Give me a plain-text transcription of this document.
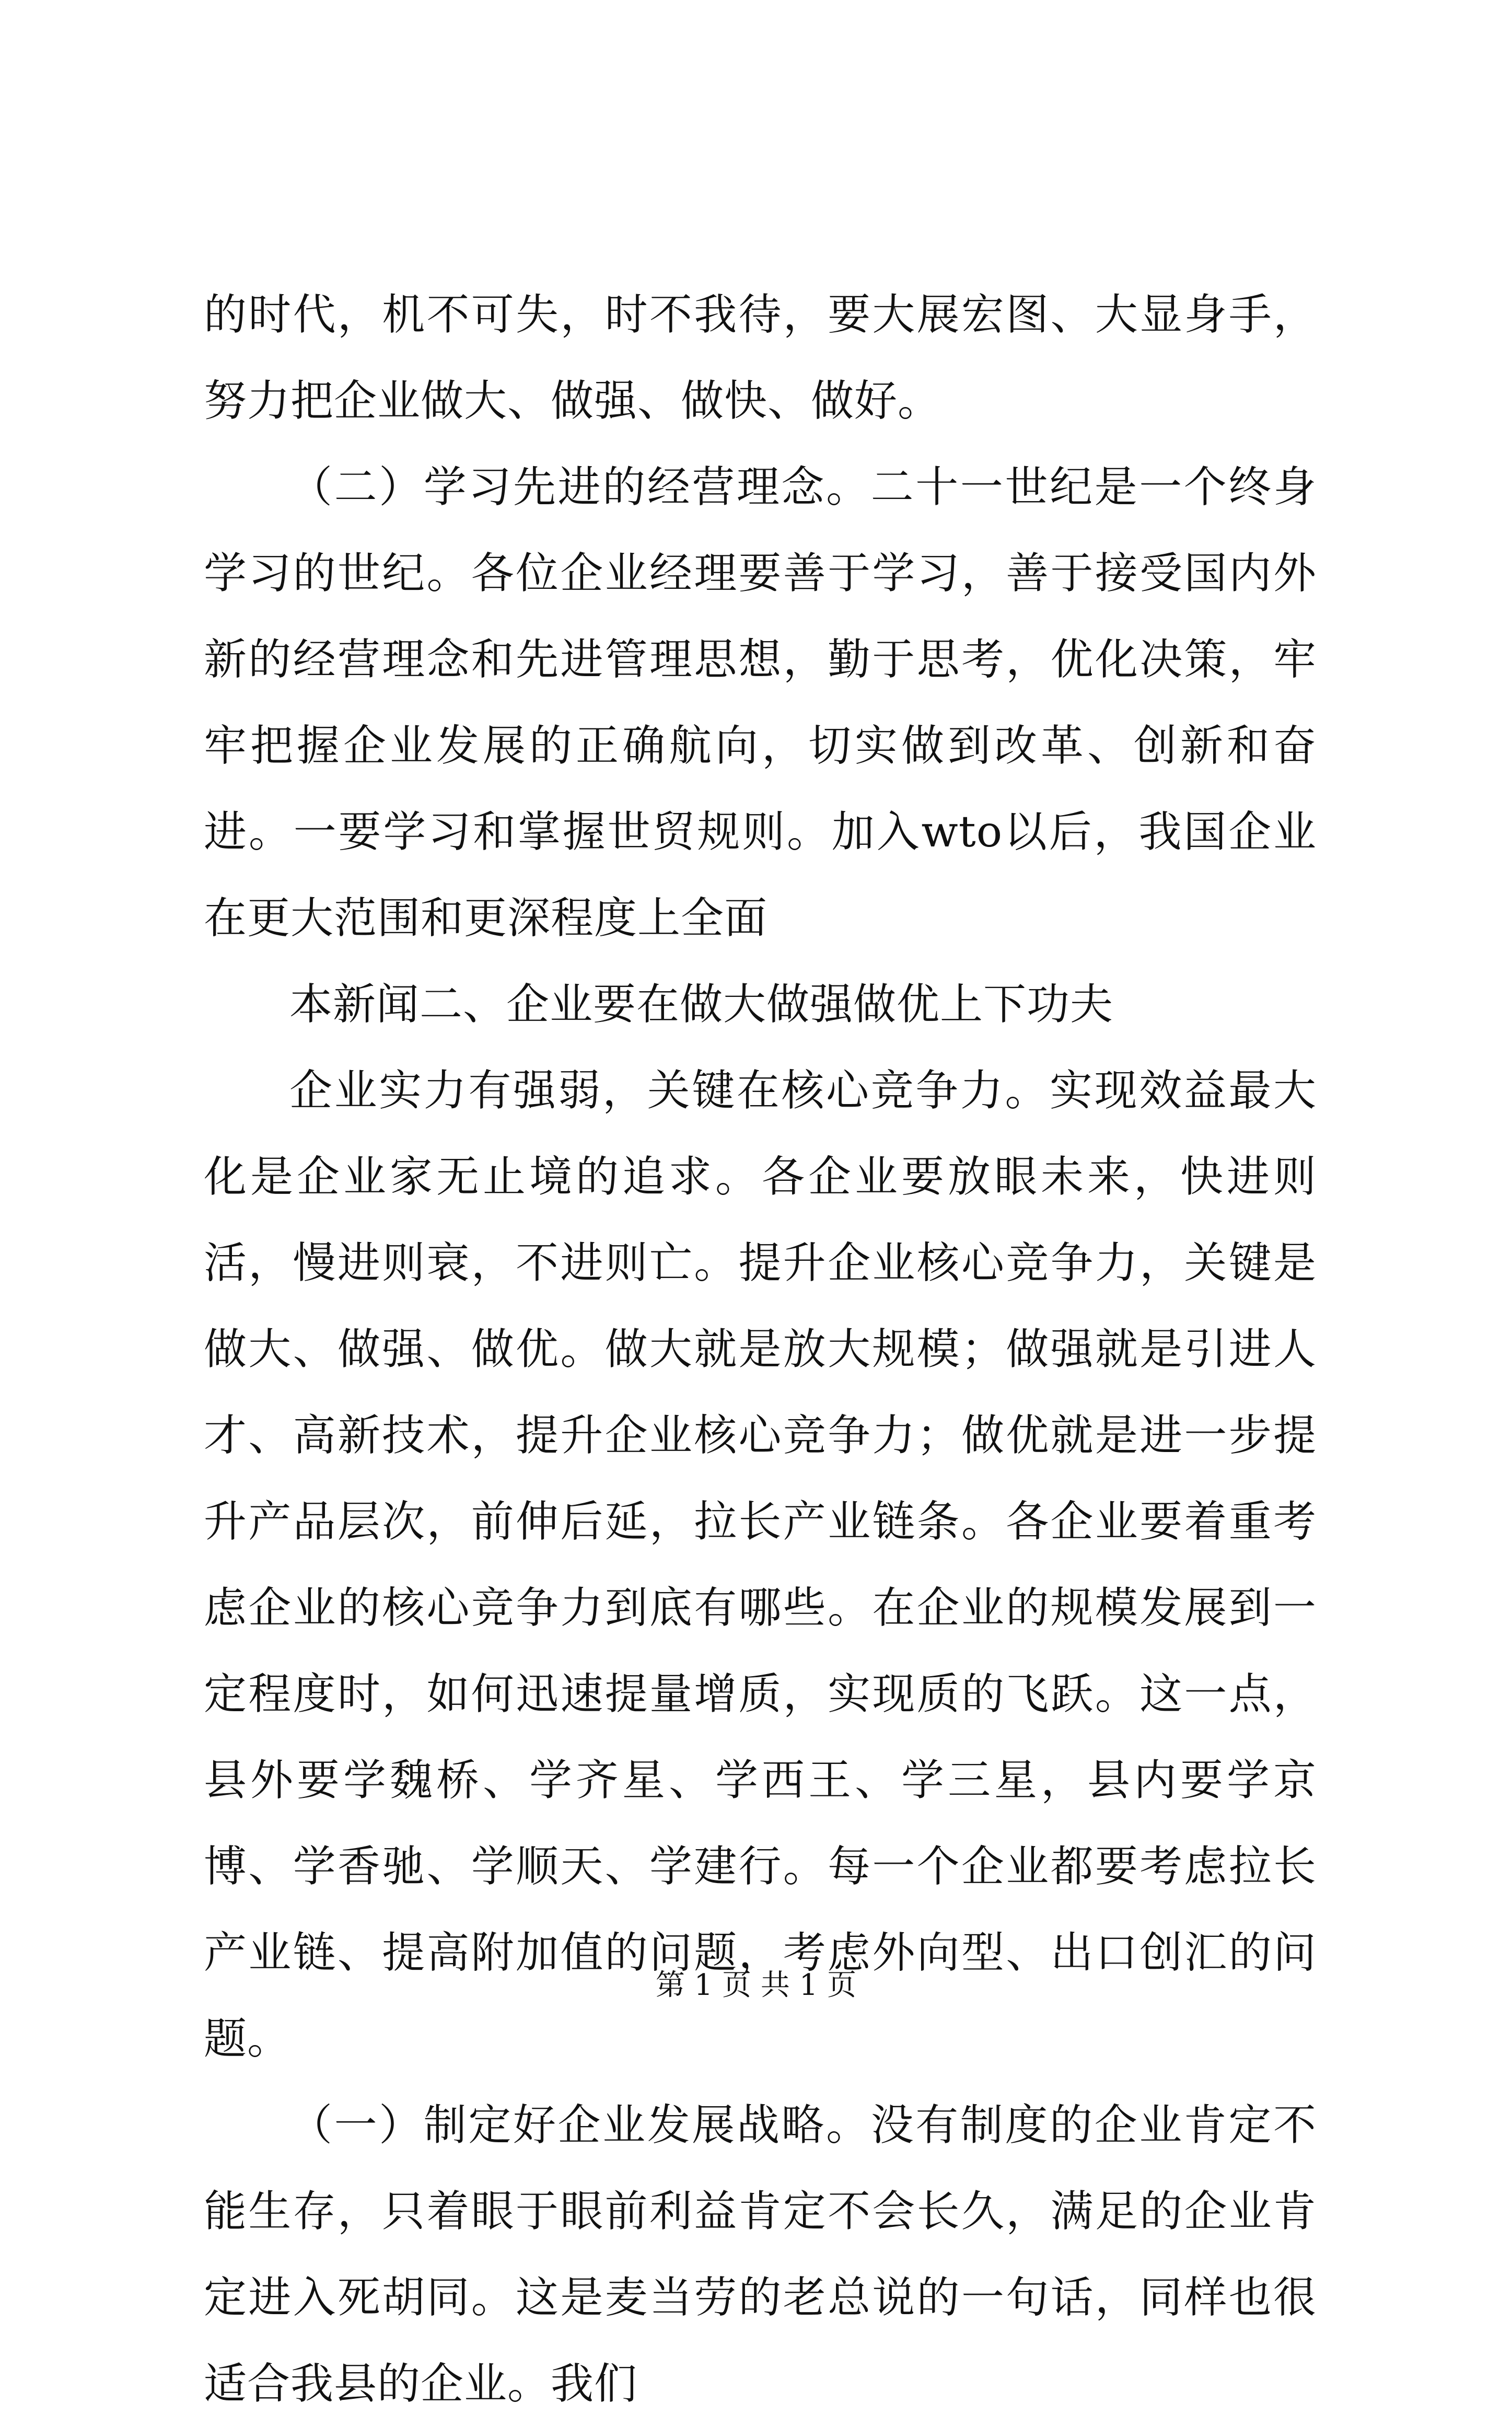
的时代，机不可失，时不我待，要大展宏图、大显身手，努力把企业做大、做强、做快、做好。

（二）学习先进的经营理念。二十一世纪是一个终身学习的世纪。各位企业经理要善于学习，善于接受国内外新的经营理念和先进管理思想，勤于思考，优化决策，牢牢把握企业发展的正确航向，切实做到改革、创新和奋进。一要学习和掌握世贸规则。加入wto以后，我国企业在更大范围和更深程度上全面

本新闻二、企业要在做大做强做优上下功夫

企业实力有强弱，关键在核心竞争力。实现效益最大化是企业家无止境的追求。各企业要放眼未来，快进则活，慢进则衰，不进则亡。提升企业核心竞争力，关键是做大、做强、做优。做大就是放大规模；做强就是引进人才、高新技术，提升企业核心竞争力；做优就是进一步提升产品层次，前伸后延，拉长产业链条。各企业要着重考虑企业的核心竞争力到底有哪些。在企业的规模发展到一定程度时，如何迅速提量增质，实现质的飞跃。这一点，县外要学魏桥、学齐星、学西王、学三星，县内要学京博、学香驰、学顺天、学建行。每一个企业都要考虑拉长产业链、提高附加值的问题，考虑外向型、出口创汇的问题。

（一）制定好企业发展战略。没有制度的企业肯定不能生存，只着眼于眼前利益肯定不会长久，满足的企业肯定进入死胡同。这是麦当劳的老总说的一句话，同样也很适合我县的企业。我们

第 1 页 共 1 页
